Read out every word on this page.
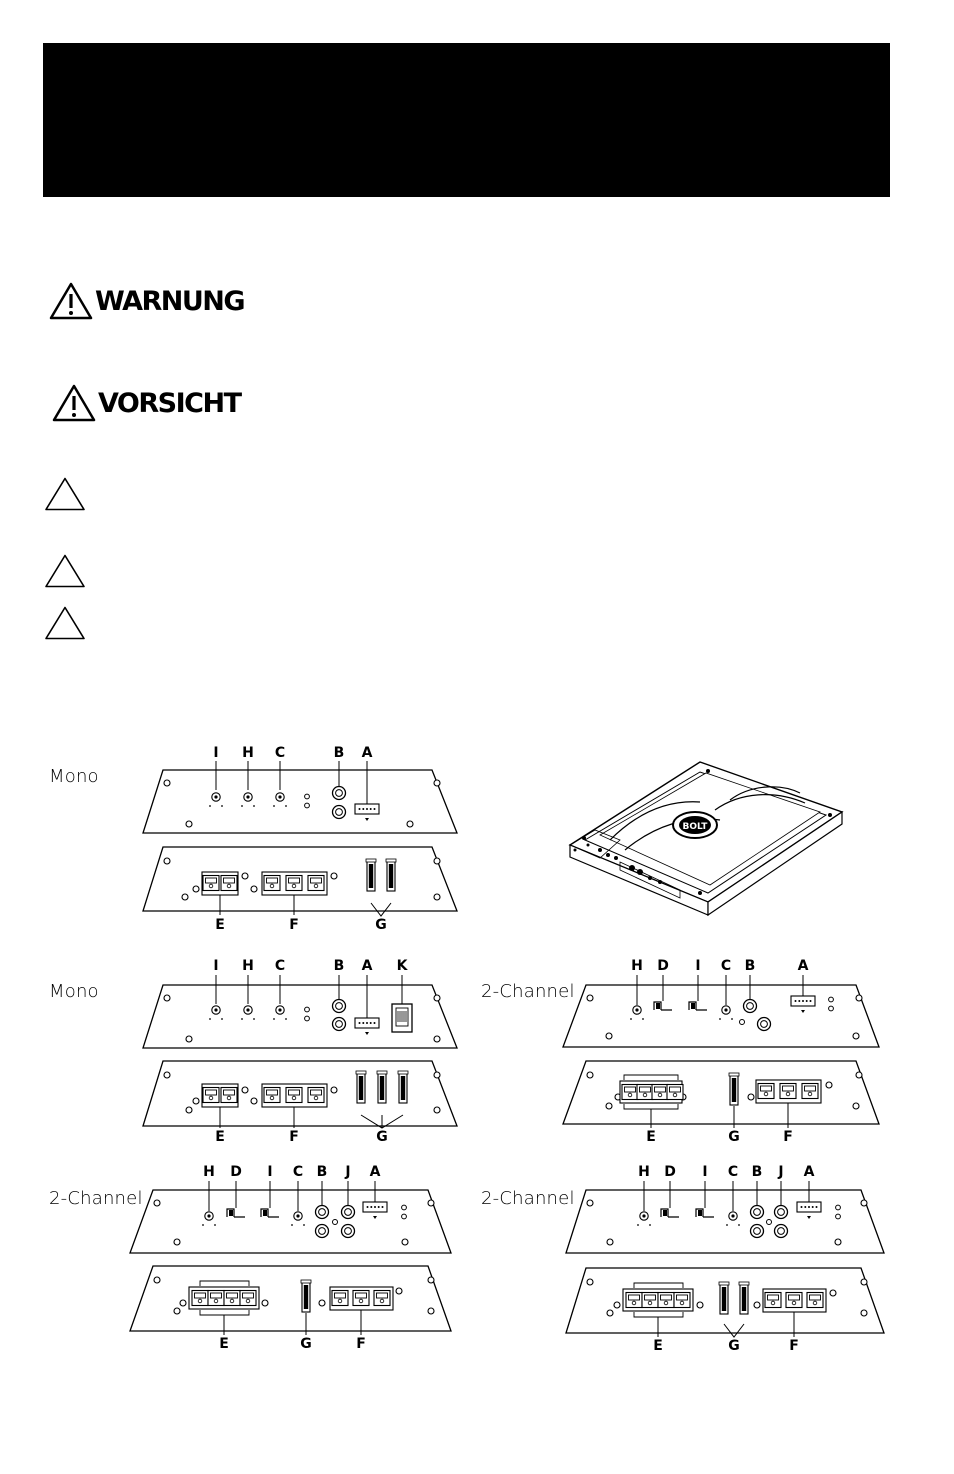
WARNUNG
VORSICHT
BOLT
Mono
Mono	2-Channel
2-Channel	2-Channel
I H C	B A
E	F	G
I H C	B A K
E	F	G
H D I C B	A
E	G	F
H D I C B J A
E	G	F
H D I C B J A
E	G	F
